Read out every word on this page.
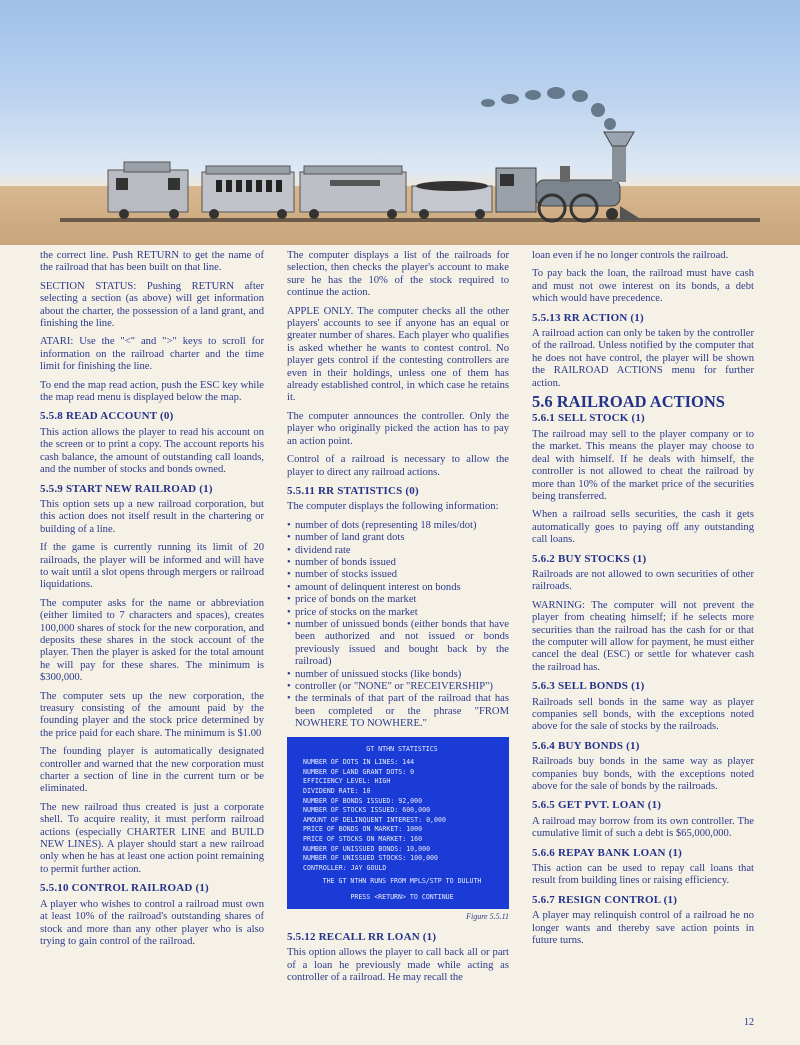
the correct line. Push RETURN to get the name of the railroad that has been built on that line.

SECTION STATUS: Pushing RETURN after selecting a section (as above) will get information about the charter, the possession of a land grant, and finishing the line.

ATARI: Use the "<" and ">" keys to scroll for information on the railroad charter and the time limit for finishing the line.

To end the map read action, push the ESC key while the map read menu is displayed below the map.

5.5.8 READ ACCOUNT (0)

This action allows the player to read his account on the screen or to print a copy. The account reports his cash balance, the amount of outstanding call loands, and the number of stocks and bonds owned.

5.5.9 START NEW RAILROAD (1)

This option sets up a new railroad corporation, but this action does not itself result in the chartering or building of a line.

If the game is currently running its limit of 20 railroads, the player will be informed and will have to wait until a slot opens through mergers or railroad liquidations.

The computer asks for the name or abbreviation (either limited to 7 characters and spaces), creates 100,000 shares of stock for the new corporation, and deposits these shares in the stock account of the player. Then the player is asked for the total amount he will pay for these shares. The minimum is $300,000.

The computer sets up the new corporation, the treasury consisting of the amount paid by the founding player and the stock price determined by the price paid for each share. The minimum is $1.00

The founding player is automatically designated controller and warned that the new corporation must charter a section of line in the current turn or be eliminated.

The new railroad thus created is just a corporate shell. To acquire reality, it must perform railroad actions (especially CHARTER LINE and BUILD NEW LINES). A player should start a new railroad only when he has at least one action point remaining to permit further action.

5.5.10 CONTROL RAILROAD (1)

A player who wishes to control a railroad must own at least 10% of the railroad's outstanding shares of stock and more than any other player who is also trying to gain control of the railroad.

The computer displays a list of the railroads for selection, then checks the player's account to make sure he has the 10% of the stock required to continue the action.

APPLE ONLY. The computer checks all the other players' accounts to see if anyone has an equal or greater number of shares. Each player who qualifies is asked whether he wants to contest control. No player gets control if the contesting controllers are even in their holdings, unless one of them has already established control, in which case he retains it.

The computer announces the controller. Only the player who originally picked the action has to pay an action point.

Control of a railroad is necessary to allow the player to direct any railroad actions.

5.5.11 RR STATISTICS (0)

The computer displays the following information:

• number of dots (representing 18 miles/dot)
• number of land grant dots
• dividend rate
• number of bonds issued
• number of stocks issued
• amount of delinquent interest on bonds
• price of bonds on the market
• price of stocks on the market
• number of unissued bonds (either bonds that have been authorized and not issued or bonds previously issued and bought back by the railroad)
• number of unissued stocks (like bonds)
• controller (or "NONE" or "RECEIVERSHIP")
• the terminals of that part of the railroad that has been completed or the phrase "FROM NOWHERE TO NOWHERE."
GT NTHN STATISTICS
NUMBER OF DOTS IN LINES: 144
NUMBER OF LAND GRANT DOTS: 0
EFFICIENCY LEVEL: HIGH
DIVIDEND RATE: 10
NUMBER OF BONDS ISSUED: 92,000
NUMBER OF STOCKS ISSUED: 600,000
AMOUNT OF DELINQUENT INTEREST: 0,000
PRICE OF BONDS ON MARKET: 1000
PRICE OF STOCKS ON MARKET: 160
NUMBER OF UNISSUED BONDS: 10,000
NUMBER OF UNISSUED STOCKS: 100,000
CONTROLLER: JAY GOULD
THE GT NTHN RUNS FROM MPLS/STP TO DULUTH
PRESS <RETURN> TO CONTINUE
Figure 5.5.11
5.5.12 RECALL RR LOAN (1)

This option allows the player to call back all or part of a loan he previously made while acting as controller of a railroad. He may recall the

loan even if he no longer controls the railroad.

To pay back the loan, the railroad must have cash and must not owe interest on its bonds, a debt which would have precedence.

5.5.13 RR ACTION (1)

A railroad action can only be taken by the controller of the railroad. Unless notified by the computer that he does not have control, the player will be shown the RAILROAD ACTIONS menu for further action.

5.6 RAILROAD ACTIONS
5.6.1 SELL STOCK (1)

The railroad may sell to the player company or to the market. This means the player may choose to deal with himself. If he deals with himself, the controller is not allowed to cheat the railroad by more than 10% of the market price of the securities being transferred.

When a railroad sells securities, the cash it gets automatically goes to paying off any outstanding call loans.

5.6.2 BUY STOCKS (1)

Railroads are not allowed to own securities of other railroads.

WARNING: The computer will not prevent the player from cheating himself; if he selects more securities than the railroad has the cash for or that the computer will allow for payment, he must either cancel the deal (ESC) or settle for whatever cash the railroad has.

5.6.3 SELL BONDS (1)

Railroads sell bonds in the same way as player companies sell bonds, with the exceptions noted above for the sale of stocks by the railroads.

5.6.4 BUY BONDS (1)

Railroads buy bonds in the same way as player companies buy bonds, with the exceptions noted above for the sale of bonds by the railroads.

5.6.5 GET PVT. LOAN (1)

A railroad may borrow from its own controller. The cumulative limit of such a debt is $65,000,000.

5.6.6 REPAY BANK LOAN (1)

This action can be used to repay call loans that result from building lines or raising efficiency.

5.6.7 RESIGN CONTROL (1)

A player may relinquish control of a railroad he no longer wants and thereby save action points in future turns.

12
